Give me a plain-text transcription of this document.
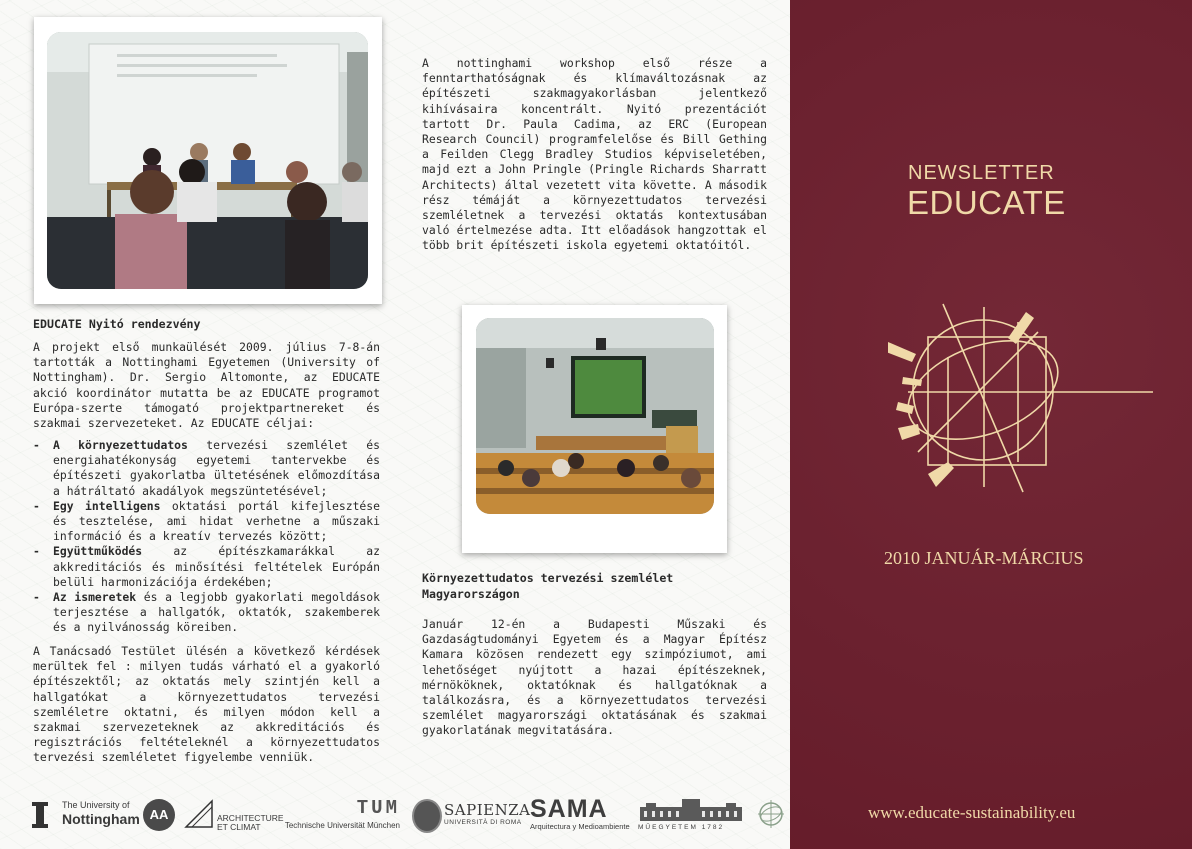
A nottinghami workshop első része a fenntarthatóságnak és klímaváltozásnak az építészeti szakmagyakorlásban jelentkező kihívásaira koncentrált. Nyitó prezentációt tartott Dr. Paula Cadima, az ERC (European Research Council) programfelelőse és Bill Gething a Feilden Clegg Bradley Studios képviseletében, majd ezt a John Pringle (Pringle Richards Sharratt Architects) által vezetett vita követte. A második rész témáját a környezettudatos tervezési szemléletnek a tervezési oktatás kontextusában való értelmezése adta. Itt előadások hangzottak el több brit építészeti iskola egyetemi oktatóitól.
EDUCATE Nyitó rendezvény
A projekt első munkaülését 2009. július 7-8-án tartották a Nottinghami Egyetemen (University of Nottingham). Dr. Sergio Altomonte, az EDUCATE akció koordinátor mutatta be az EDUCATE programot Európa-szerte támogató projektpartnereket és szakmai szervezeteket. Az EDUCATE céljai:
- A környezettudatos tervezési szemlélet és energiahatékonyság egyetemi tantervekbe és építészeti gyakorlatba ültetésének előmozdítása a hátráltató akadályok megszüntetésével;
- Egy intelligens oktatási portál kifejlesztése és tesztelése, ami hidat verhetne a műszaki információ és a kreatív tervezés között;
- Együttműködés az építészkamarákkal az akkreditációs és minősítési feltételek Európán belüli harmonizációja érdekében;
- Az ismeretek és a legjobb gyakorlati megoldások terjesztése a hallgatók, oktatók, szakemberek és a nyilvánosság köreiben.
A Tanácsadó Testület ülésén a következő kérdések merültek fel : milyen tudás várható el a gyakorló építészektől; az oktatás mely szintjén kell a hallgatókat a környezettudatos tervezési szemléletre oktatni, és milyen módon kell a szakmai szervezeteknek az akkreditációs és regisztrációs feltételeknél a környezettudatos tervezési szemléletet figyelembe venniük.
Környezettudatos tervezési szemlélet Magyarországon
Január 12-én a Budapesti Műszaki és Gazdaságtudományi Egyetem és a Magyar Építész Kamara közösen rendezett egy szimpóziumot, ami lehetőséget nyújtott a hazai építészeknek, mérnököknek, oktatóknak és hallgatóknak a találkozásra, és a környezettudatos tervezési szemlélet magyarországi oktatásának és szakmai gyakorlatának megvitatására.
The University of
Nottingham AA	ARCHITECTURE
ET CLIMAT
TUM
Technische Universität München
SAPIENZA
UNIVERSITÀ DI ROMA SAMA
Arquitectura y Medioambiente MŰEGYETEM 1782
NEWSLETTER
EDUCATE
2010 JANUÁR-MÁRCIUS
www.educate-sustainability.eu
